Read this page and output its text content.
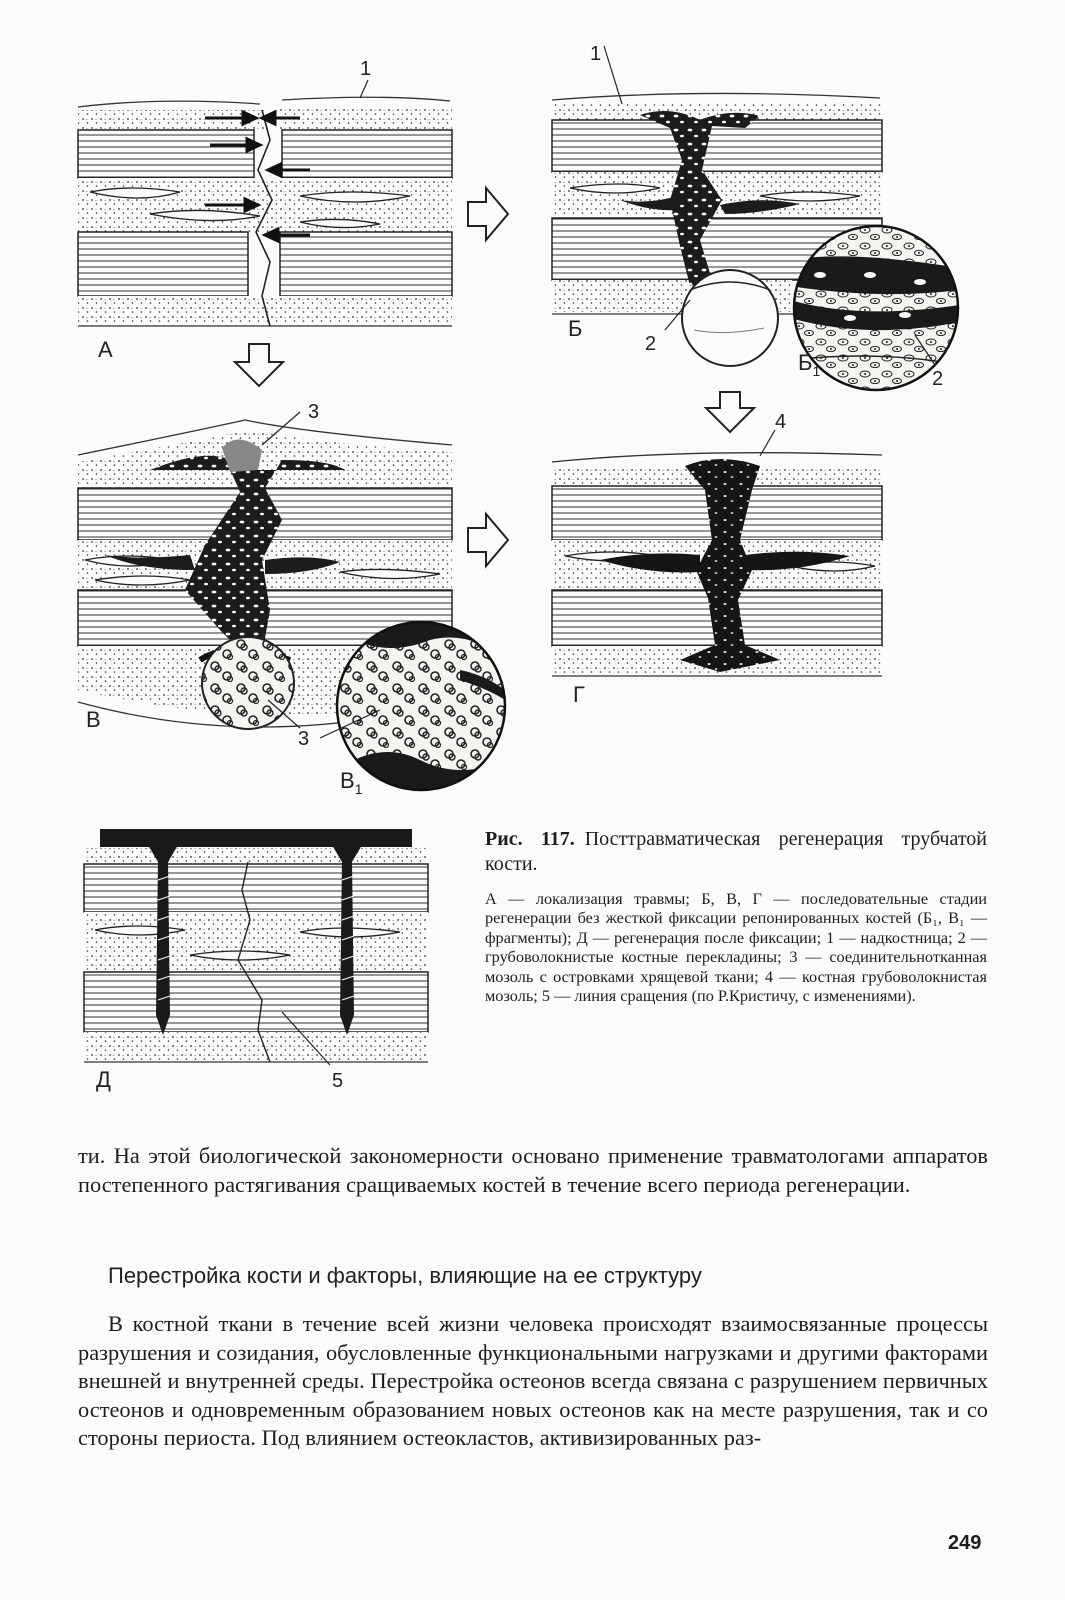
1
А
1
2
Б
$Б_1$	2
3
3
В
$В_1$
4
Г
5
Д

Рис. 117. Посттравматическая регенерация трубчатой кости.

А — локализация травмы; Б, В, Г — последовательные стадии регенерации без жесткой фиксации репонированных костей (Б₁, В₁ — фрагменты); Д — регенерация после фиксации; 1 — надкостница; 2 — грубоволокнистые костные перекладины; 3 — соединительнотканная мозоль с островками хрящевой ткани; 4 — костная грубоволокнистая мозоль; 5 — линия сращения (по Р.Кристичу, с изменениями).

ти. На этой биологической закономерности основано применение травматологами аппаратов постепенного растягивания сращиваемых костей в течение всего периода регенерации.

Перестройка кости и факторы, влияющие на ее структуру

В костной ткани в течение всей жизни человека происходят взаимосвязанные процессы разрушения и созидания, обусловленные функциональными нагрузками и другими факторами внешней и внутренней среды. Перестройка остеонов всегда связана с разрушением первичных остеонов и одновременным образованием новых остеонов как на месте разрушения, так и со стороны периоста. Под влиянием остеокластов, активизированных раз-

249
